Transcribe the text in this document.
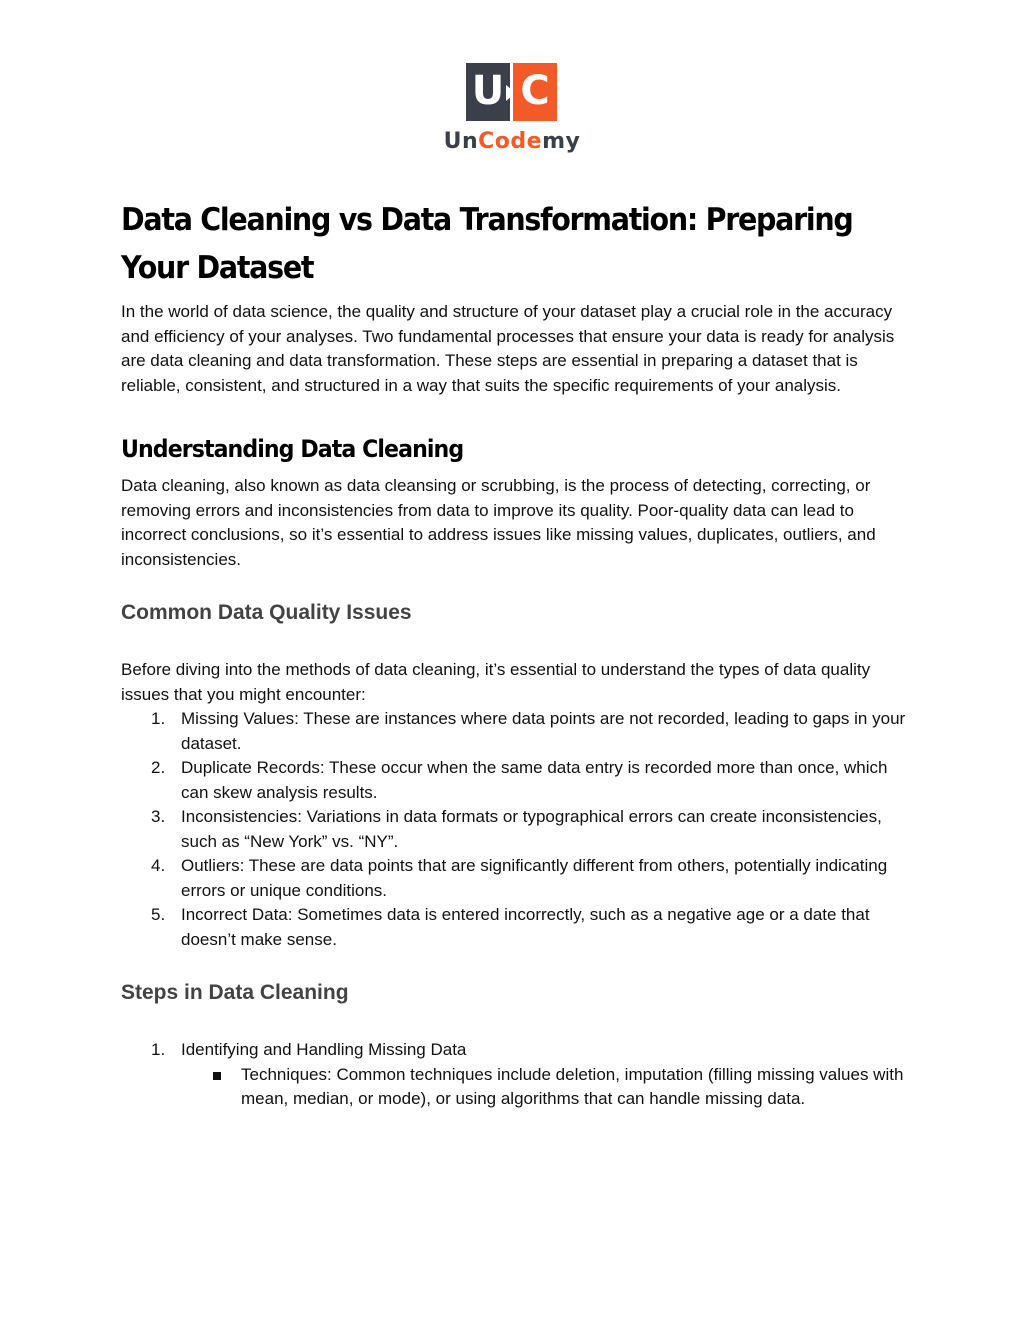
U C
UnCodemy
Data Cleaning vs Data Transformation: Preparing Your Dataset

In the world of data science, the quality and structure of your dataset play a crucial role in the accuracy and efficiency of your analyses. Two fundamental processes that ensure your data is ready for analysis are data cleaning and data transformation. These steps are essential in preparing a dataset that is reliable, consistent, and structured in a way that suits the specific requirements of your analysis.

Understanding Data Cleaning

Data cleaning, also known as data cleansing or scrubbing, is the process of detecting, correcting, or removing errors and inconsistencies from data to improve its quality. Poor-quality data can lead to incorrect conclusions, so it’s essential to address issues like missing values, duplicates, outliers, and inconsistencies.

Common Data Quality Issues

Before diving into the methods of data cleaning, it’s essential to understand the types of data quality issues that you might encounter:

1. Missing Values: These are instances where data points are not recorded, leading to gaps in your dataset.
2. Duplicate Records: These occur when the same data entry is recorded more than once, which can skew analysis results.
3. Inconsistencies: Variations in data formats or typographical errors can create inconsistencies, such as “New York” vs. “NY”.
4. Outliers: These are data points that are significantly different from others, potentially indicating errors or unique conditions.
5. Incorrect Data: Sometimes data is entered incorrectly, such as a negative age or a date that doesn’t make sense.
Steps in Data Cleaning
1. Identifying and Handling Missing Data
Techniques: Common techniques include deletion, imputation (filling missing values with mean, median, or mode), or using algorithms that can handle missing data.
